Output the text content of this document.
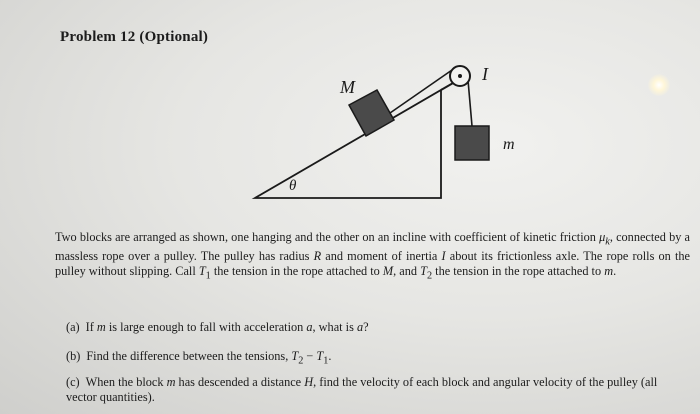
Problem 12 (Optional)
M
I
m
θ
Two blocks are arranged as shown, one hanging and the other on an incline with coefficient of kinetic friction $\mu_k$, connected by a massless rope over a pulley. The pulley has radius R and moment of inertia I about its frictionless axle. The rope rolls on the pulley without slipping. Call $T_1$ the tension in the rope attached to M, and $T_2$ the tension in the rope attached to m.
(a) If m is large enough to fall with acceleration a, what is a?
(b) Find the difference between the tensions, $T_2 - T_1$.
(c) When the block m has descended a distance H, find the velocity of each block and angular velocity of the pulley (all vector quantities).
